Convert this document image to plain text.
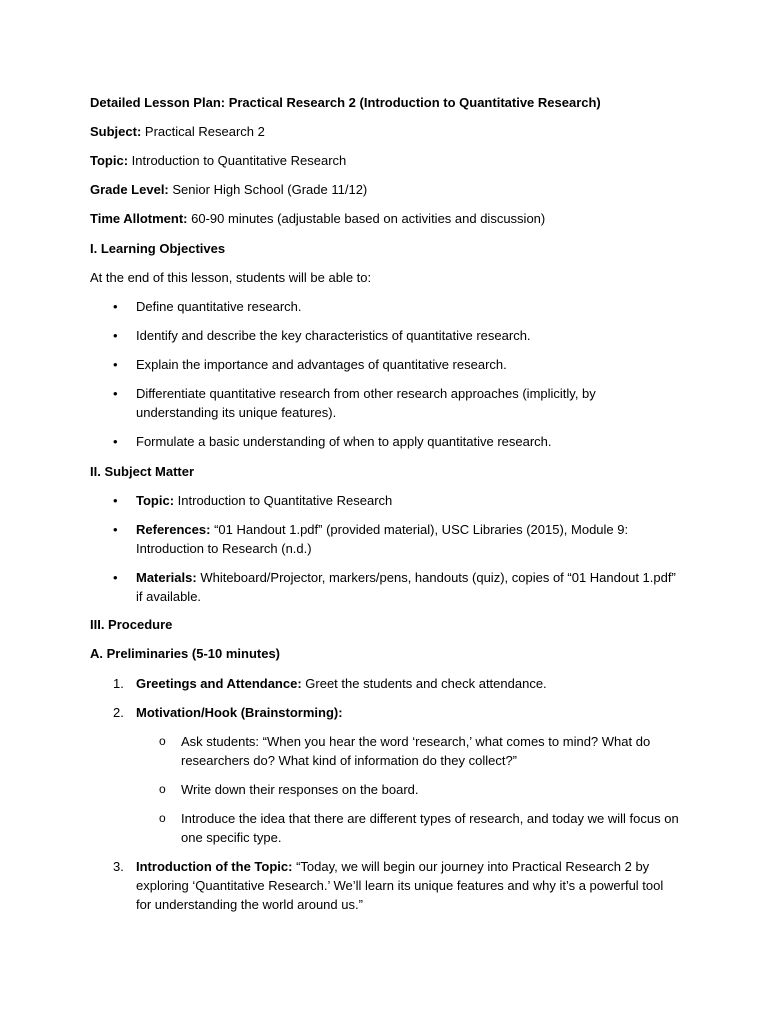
Detailed Lesson Plan: Practical Research 2 (Introduction to Quantitative Research)

Subject: Practical Research 2

Topic: Introduction to Quantitative Research

Grade Level: Senior High School (Grade 11/12)

Time Allotment: 60-90 minutes (adjustable based on activities and discussion)

I. Learning Objectives

At the end of this lesson, students will be able to:

•	Define quantitative research.

•	Identify and describe the key characteristics of quantitative research.

•	Explain the importance and advantages of quantitative research.

•	Differentiate quantitative research from other research approaches (implicitly, by understanding its unique features).

•	Formulate a basic understanding of when to apply quantitative research.

II. Subject Matter

•	Topic: Introduction to Quantitative Research

•	References: “01 Handout 1.pdf” (provided material), USC Libraries (2015), Module 9: Introduction to Research (n.d.)

•	Materials: Whiteboard/Projector, markers/pens, handouts (quiz), copies of “01 Handout 1.pdf” if available.

III. Procedure

A. Preliminaries (5-10 minutes)

1. Greetings and Attendance: Greet the students and check attendance.

2. Motivation/Hook (Brainstorming):

o Ask students: “When you hear the word ‘research,’ what comes to mind? What do researchers do? What kind of information do they collect?”

o Write down their responses on the board.

o Introduce the idea that there are different types of research, and today we will focus on one specific type.

3. Introduction of the Topic: “Today, we will begin our journey into Practical Research 2 by exploring ‘Quantitative Research.’ We’ll learn its unique features and why it’s a powerful tool for understanding the world around us.”
